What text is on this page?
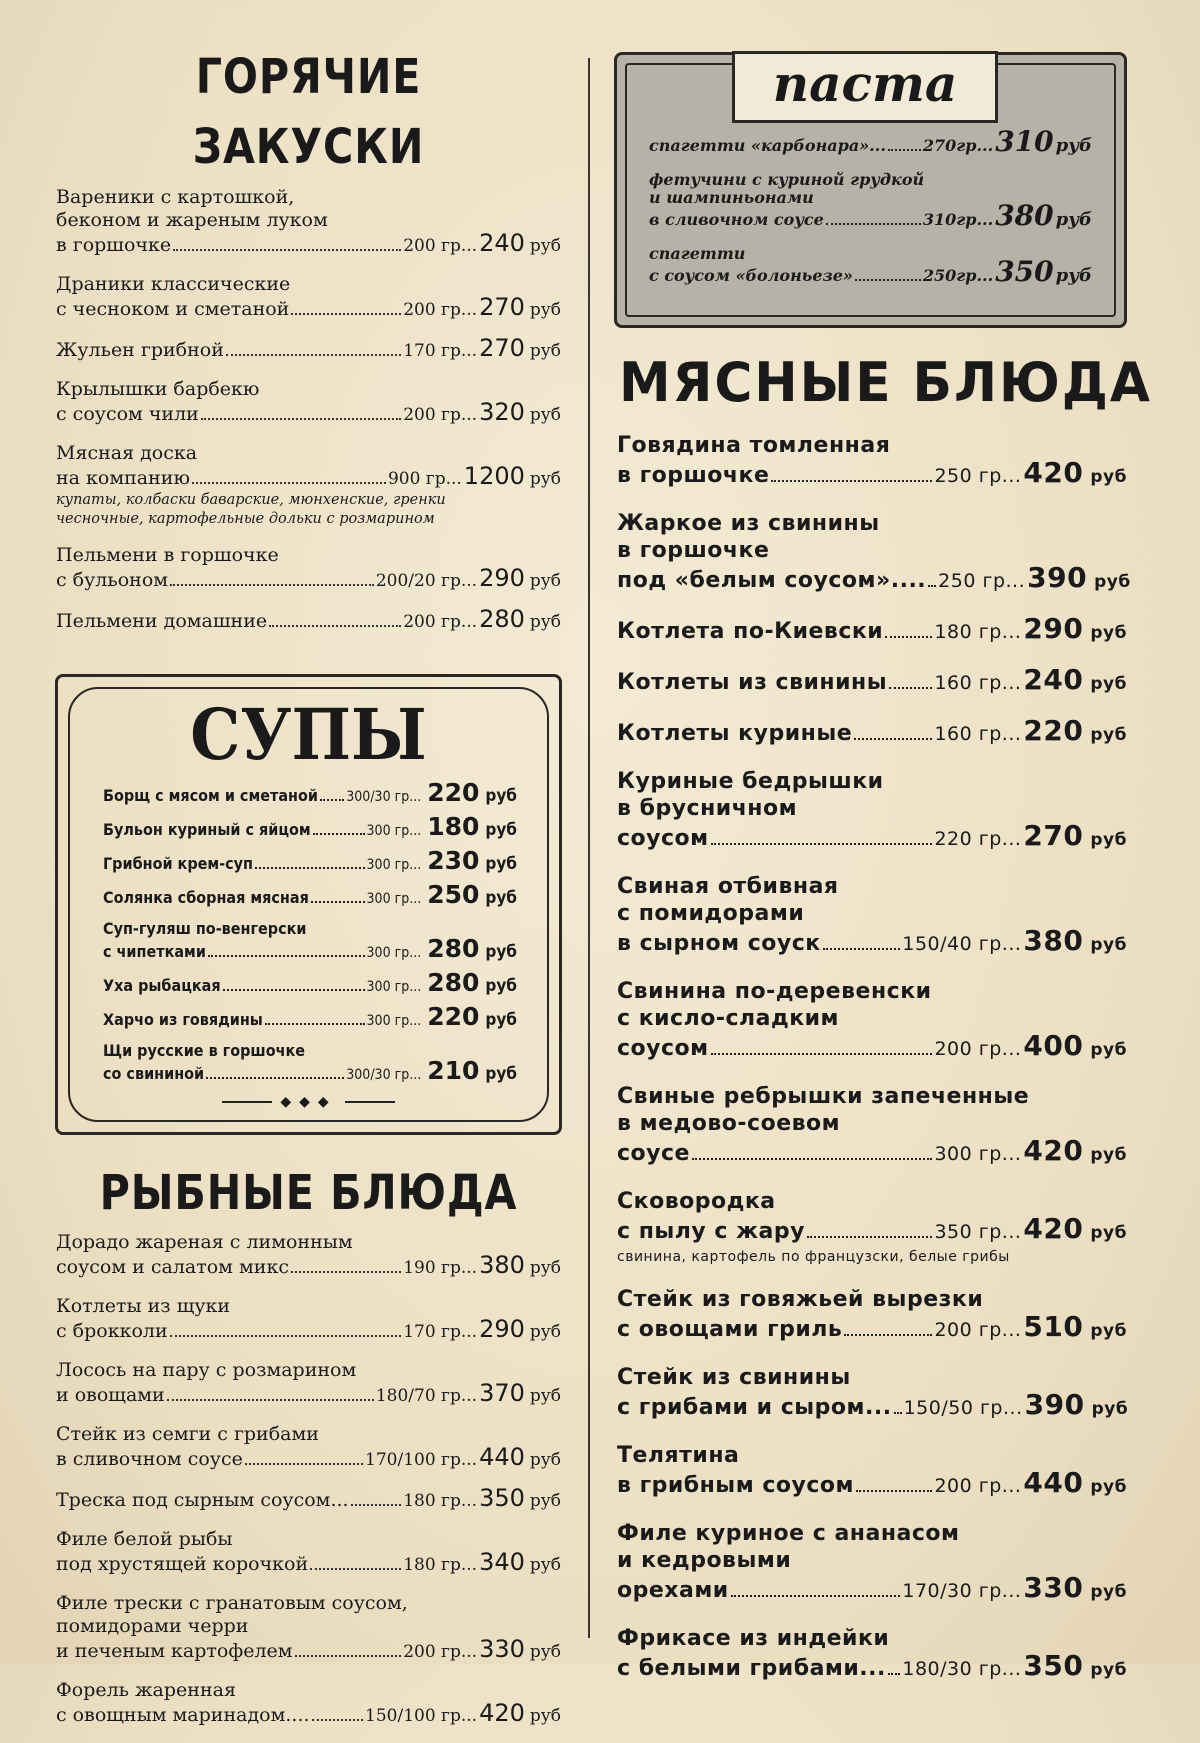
ГОРЯЧИЕ ЗАКУСКИ
Вареники с картошкой,
беконом и жареным луком
в горшочке	200 гр... 240 руб
Драники классические
с чесноком и сметаной	200 гр... 270 руб
Жульен грибной	170 гр... 270 руб
Крылышки барбекю
с соусом чили	200 гр... 320 руб
Мясная доска
на компанию	900 гр... 1200 руб
купаты, колбаски баварские, мюнхенские, гренки
чесночные, картофельные дольки с розмарином
Пельмени в горшочке
с бульоном	200/20 гр... 290 руб
Пельмени домашние	200 гр... 280 руб
СУПЫ
Борщ с мясом и сметаной 300/30 гр... 220 руб
Бульон куриный с яйцом	300 гр... 180 руб
Грибной крем-суп	300 гр... 230 руб
Солянка сборная мясная	300 гр... 250 руб
Суп-гуляш по-венгерски
с чипетками	300 гр... 280 руб
Уха рыбацкая	300 гр... 280 руб
Харчо из говядины	300 гр... 220 руб
Щи русские в горшочке
со свининой	300/30 гр... 210 руб
◆◆◆
РЫБНЫЕ БЛЮДА
Дорадо жареная с лимонным
соусом и салатом микс	190 гр... 380 руб
Котлеты из щуки
с брокколи	170 гр... 290 руб
Лосось на пару с розмарином
и овощами	180/70 гр... 370 руб
Стейк из семги с грибами
в сливочном соусе	170/100 гр... 440 руб
Треска под сырным соусом...	180 гр... 350 руб
Филе белой рыбы
под хрустящей корочкой	180 гр... 340 руб
Филе трески с гранатовым соусом,
помидорами черри
и печеным картофелем	200 гр... 330 руб
Форель жаренная
с овощным маринадом....	150/100 гр... 420 руб
паста
спагетти «карбонара»... 270гр... 310 руб
фетучини с куриной грудкой
и шампиньонами
в сливочном соусе	310гр... 380 руб
спагетти
с соусом «болоньезе»	250гр... 350 руб
МЯСНЫЕ БЛЮДА
Говядина томленная
в горшочке	250 гр... 420 руб
Жаркое из свинины
в горшочке
под «белым соусом».... 250 гр... 390 руб
Котлета по-Киевски	180 гр... 290 руб
Котлеты из свинины 160 гр... 240 руб
Котлеты куриные	160 гр... 220 руб
Куриные бедрышки
в брусничном
соусом	220 гр... 270 руб
Свиная отбивная
с помидорами
в сырном соуск	150/40 гр... 380 руб
Свинина по-деревенски
с кисло-сладким
соусом	200 гр... 400 руб
Свиные ребрышки запеченные
в медово-соевом
соусе	300 гр... 420 руб
Сковородка
с пылу с жару	350 гр... 420 руб
свинина, картофель по французски, белые грибы
Стейк из говяжьей вырезки
с овощами гриль	200 гр... 510 руб
Стейк из свинины
с грибами и сыром... 150/50 гр... 390 руб
Телятина
в грибным соусом	200 гр... 440 руб
Филе куриное с ананасом
и кедровыми
орехами	170/30 гр... 330 руб
Фрикасе из индейки
с белыми грибами... 180/30 гр... 350 руб
